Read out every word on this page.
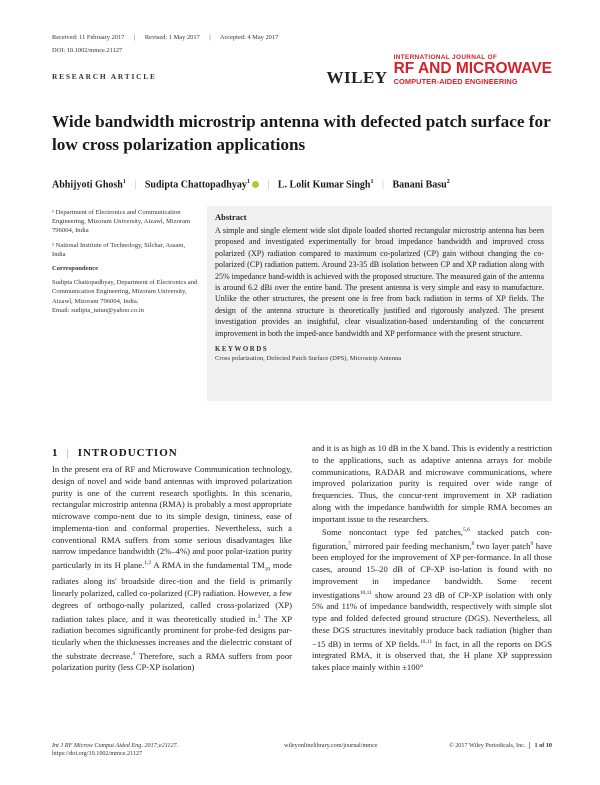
Received: 11 February 2017 | Revised: 1 May 2017 | Accepted: 4 May 2017
DOI: 10.1002/mmce.21127
WILEY
INTERNATIONAL JOURNAL OF
RF AND MICROWAVE
COMPUTER-AIDED ENGINEERING
RESEARCH ARTICLE
Wide bandwidth microstrip antenna with defected patch surface for low cross polarization applications
Abhijyoti Ghosh$^1$ | Sudipta Chattopadhyay$^1$ | L. Lolit Kumar Singh$^1$ | Banani Basu$^2$

¹ Department of Electronics and Communication Engineering, Mizoram University, Aizawl, Mizoram 796004, India

² National Institute of Technology, Silchar, Assam, India

Correspondence

Sudipta Chattopadhyay, Department of Electronics and Communication Engineering, Mizoram University, Aizawl, Mizoram 796004, India.

Email: sudipta_tutun@yahoo.co.in

Abstract
A simple and single element wide slot dipole loaded shorted rectangular microstrip antenna has been proposed and investigated experimentally for broad impedance bandwidth and improved cross polarized (XP) radiation compared to maximum co-polarized (CP) gain without changing the co-polarized (CP) radiation pattern. Around 23-35 dB isolation between CP and XP radiation along with 25% impedance band-width is achieved with the proposed structure. The measured gain of the antenna is around 6.2 dBi over the entire band. The present antenna is very simple and easy to manufacture. Unlike the other structures, the present one is free from back radiation in terms of XP fields. The design of the antenna structure is theoretically justified and rigorously analyzed. The present investigation provides an insightful, clear visualization-based understanding of the concurrent improvement in both the imped-ance bandwidth and XP performance with the present structure.
KEYWORDS
Cross polarization, Defected Patch Surface (DPS), Microstrip Antenna
1 | INTRODUCTION

In the present era of RF and Microwave Communication technology, design of novel and wide band antennas with improved polarization purity is one of the current research spotlights. In this scenario, rectangular microstrip antenna (RMA) is probably a most appropriate microwave compo-nent due to its simple design, tininess, ease of implementa-tion and conformal properties. Nevertheless, such a conventional RMA suffers from some serious disadvantages like narrow impedance bandwidth (2%–4%) and poor polar-ization purity particularly in its H plane.$^{1,2}$ A RMA in the fundamental $TM_{10}$ mode radiates along its' broadside direc-tion and the field is primarily linearly polarized, called co-polarized (CP) radiation. However, a few degrees of orthogo-nally polarized, called cross-polarized (XP) radiation takes place, and it was theoretically studied in.$^3$ The XP radiation becomes significantly prominent for probe-fed designs par-ticularly when the thicknesses increases and the dielectric constant of the substrate decrease.$^4$ Therefore, such a RMA suffers from poor polarization purity (less CP-XP isolation)

and it is as high as 10 dB in the X band. This is evidently a restriction to the applications, such as adaptive antenna arrays for mobile communications, RADAR and microwave communications, where improved polarization purity is required over wide range of frequencies. Thus, the concur-rent improvement in XP radiation along with the impedance bandwidth for simple RMA becomes an important issue to the researchers.

Some noncontact type fed patches,$^{5,6}$ stacked patch con-figuration,$^7$ mirrored pair feeding mechanism,$^8$ two layer patch$^9$ have been employed for the improvement of XP per-formance. In all those cases, around 15–20 dB of CP-XP iso-lation is found with no improvement in impedance bandwidth. Some recent investigations$^{10,11}$ show around 23 dB of CP-XP isolation with only 5% and 11% of impedance bandwidth, respectively with simple slot type and folded defected ground structure (DGS). Nevertheless, all these DGS structures inevitably produce back radiation (higher than −15 dB) in terms of XP fields.$^{10,11}$ In fact, in all the reports on DGS integrated RMA, it is observed that, the H plane XP suppression takes place mainly within ±100°

Int J RF Microw Comput Aided Eng. 2017;e21127.
https://doi.org/10.1002/mmce.21127
wileyonlinelibrary.com/journal/mmce	© 2017 Wiley Periodicals, Inc. 1 of 10
